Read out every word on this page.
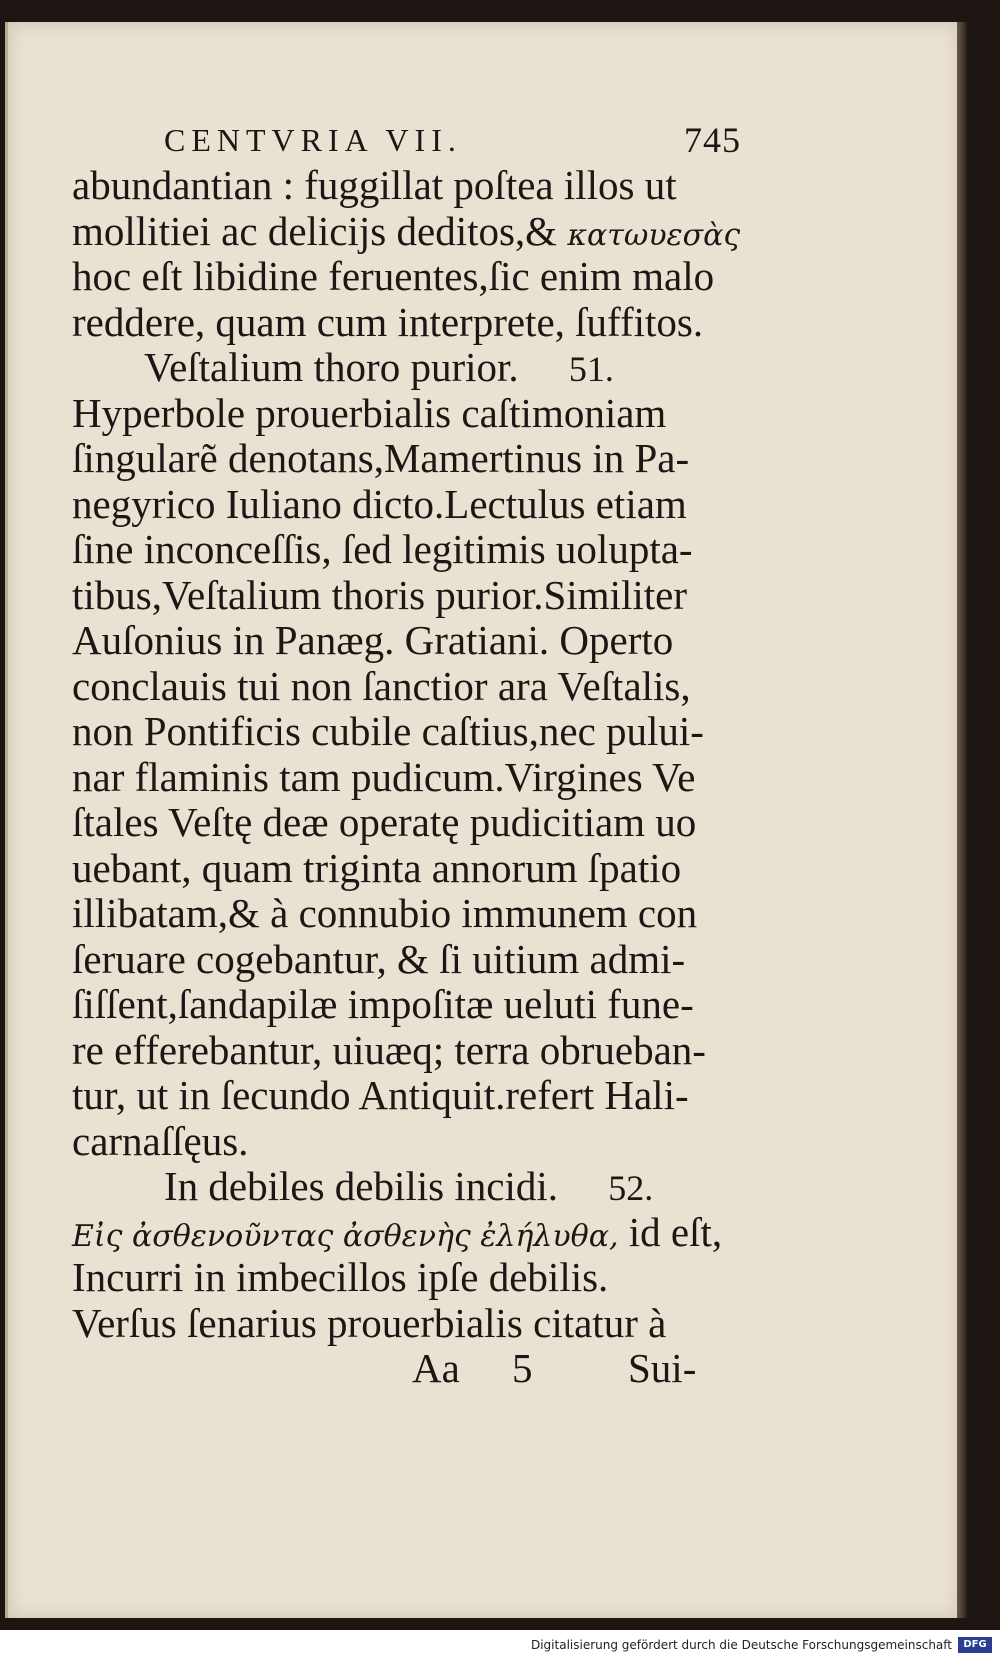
CENTVRIA VII.	745
abundantian : fuggillat poſtea illos ut
mollitiei ac delicijs deditos,& κατωυεσὰς
hoc eſt libidine feruentes,ſic enim malo
reddere, quam cum interprete, ſuffitos.
Veſtalium thoro purior. 51.
Hyperbole prouerbialis caſtimoniam
ſingularẽ denotans,Mamertinus in Pa-
negyrico Iuliano dicto.Lectulus etiam
ſine inconceſſis, ſed legitimis uolupta-
tibus,Veſtalium thoris purior.Similiter
Auſonius in Panæg. Gratiani. Operto
conclauis tui non ſanctior ara Veſtalis,
non Pontificis cubile caſtius,nec pului-
nar flaminis tam pudicum.Virgines Ve
ſtales Veſtę deæ operatę pudicitiam uo
uebant, quam triginta annorum ſpatio
illibatam,& à connubio immunem con
ſeruare cogebantur, & ſi uitium admi-
ſiſſent,ſandapilæ impoſitæ ueluti fune-
re efferebantur, uiuæq; terra obrueban-
tur, ut in ſecundo Antiquit.refert Hali-
carnaſſęus.
In debiles debilis incidi. 52.
Εἰς ἀσθενοῦντας ἀσθενὴς ἐλήλυθα, id eſt,
Incurri in imbecillos ipſe debilis.
Verſus ſenarius prouerbialis citatur à
Aa 5 Sui-
Digitalisierung gefördert durch die Deutsche Forschungsgemeinschaft	DFG
